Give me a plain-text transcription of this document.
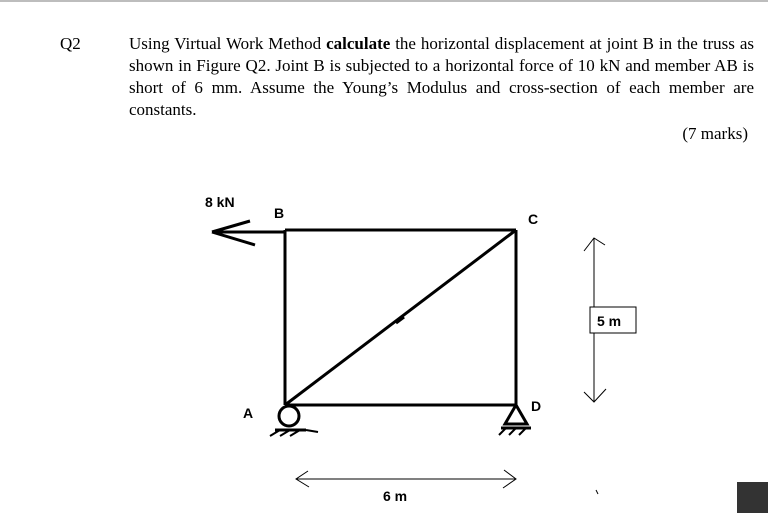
Q2	Using Virtual Work Method calculate the horizontal displacement at joint B in the truss as shown in Figure Q2. Joint B is subjected to a horizontal force of 10 kN and member AB is short of 6 mm. Assume the Young’s Modulus and cross-section of each member are constants.

(7 marks)
8 kN
B	C
A	D
5 m
6 m
